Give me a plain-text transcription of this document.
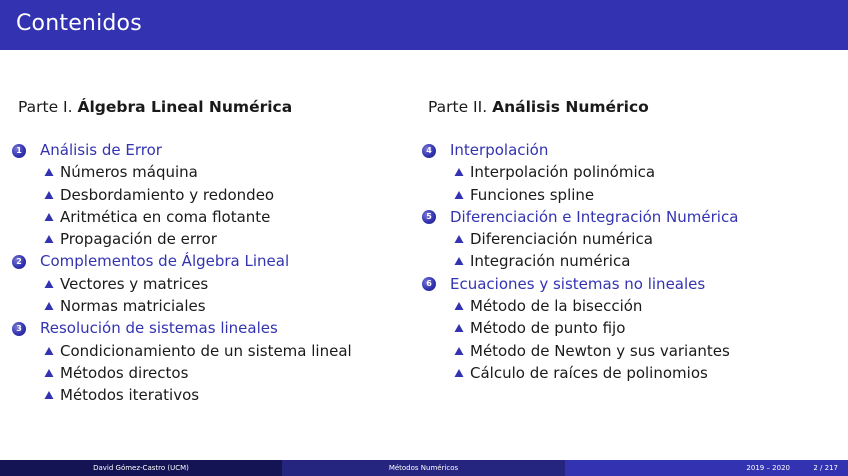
Contenidos
Parte I. Álgebra Lineal Numérica
1 Análisis de Error
Números máquina
Desbordamiento y redondeo
Aritmética en coma flotante
Propagación de error
2 Complementos de Álgebra Lineal
Vectores y matrices
Normas matriciales
3 Resolución de sistemas lineales
Condicionamiento de un sistema lineal
Métodos directos
Métodos iterativos
Parte II. Análisis Numérico
4 Interpolación
Interpolación polinómica
Funciones spline
5 Diferenciación e Integración Numérica
Diferenciación numérica
Integración numérica
6 Ecuaciones y sistemas no lineales
Método de la bisección
Método de punto fijo
Método de Newton y sus variantes
Cálculo de raíces de polinomios
David Gómez-Castro (UCM)	Métodos Numéricos	2019 – 2020	2 / 217
